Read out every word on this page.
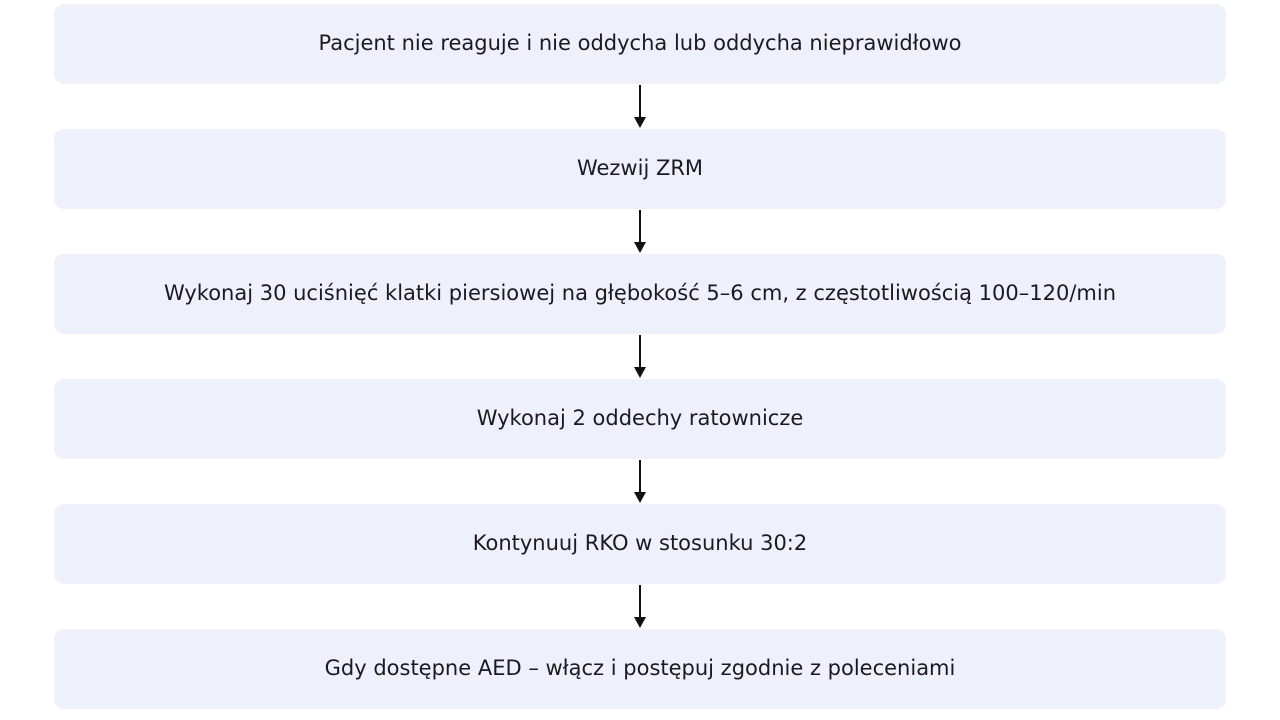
Pacjent nie reaguje i nie oddycha lub oddycha nieprawidłowo
Wezwij ZRM
Wykonaj 30 uciśnięć klatki piersiowej na głębokość 5–6 cm, z częstotliwością 100–120/min
Wykonaj 2 oddechy ratownicze
Kontynuuj RKO w stosunku 30:2
Gdy dostępne AED – włącz i postępuj zgodnie z poleceniami
